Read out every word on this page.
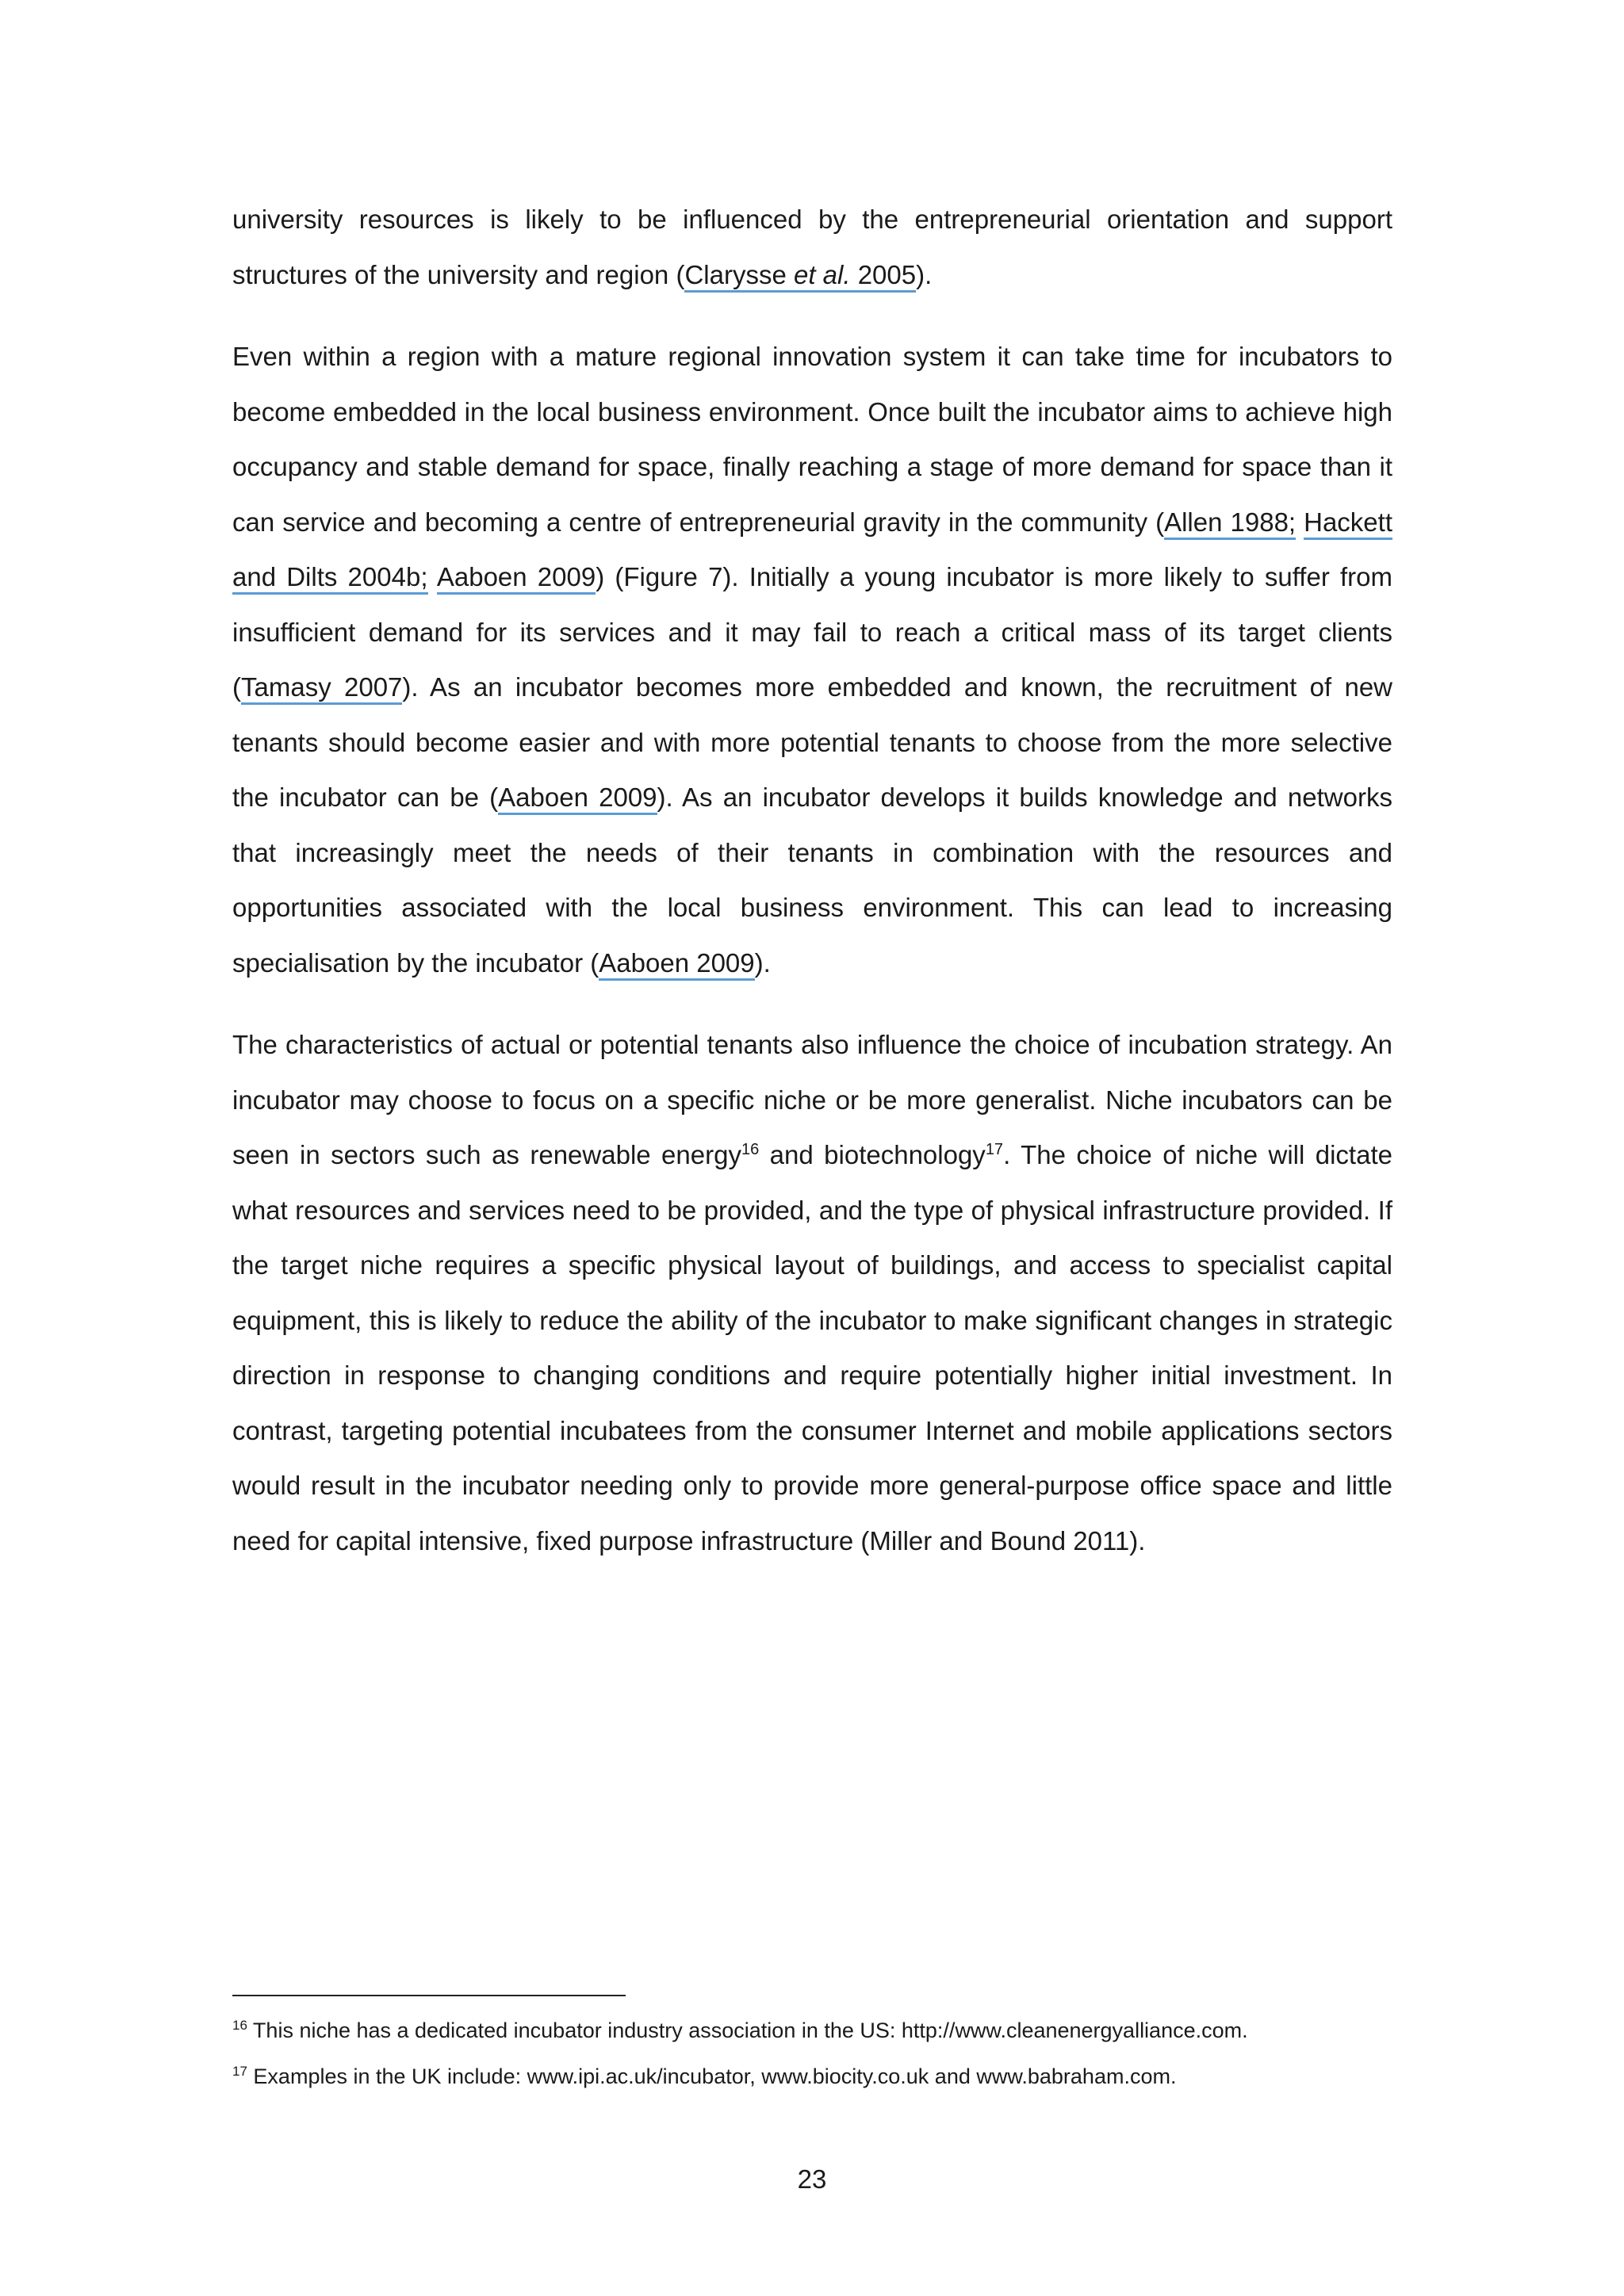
university resources is likely to be influenced by the entrepreneurial orientation and support structures of the university and region (Clarysse et al. 2005).

Even within a region with a mature regional innovation system it can take time for incubators to become embedded in the local business environment. Once built the incubator aims to achieve high occupancy and stable demand for space, finally reaching a stage of more demand for space than it can service and becoming a centre of entrepreneurial gravity in the community (Allen 1988; Hackett and Dilts 2004b; Aaboen 2009) (Figure 7). Initially a young incubator is more likely to suffer from insufficient demand for its services and it may fail to reach a critical mass of its target clients (Tamasy 2007). As an incubator becomes more embedded and known, the recruitment of new tenants should become easier and with more potential tenants to choose from the more selective the incubator can be (Aaboen 2009). As an incubator develops it builds knowledge and networks that increasingly meet the needs of their tenants in combination with the resources and opportunities associated with the local business environment. This can lead to increasing specialisation by the incubator (Aaboen 2009).

The characteristics of actual or potential tenants also influence the choice of incubation strategy. An incubator may choose to focus on a specific niche or be more generalist. Niche incubators can be seen in sectors such as renewable energy$^{16}$ and biotechnology$^{17}$. The choice of niche will dictate what resources and services need to be provided, and the type of physical infrastructure provided. If the target niche requires a specific physical layout of buildings, and access to specialist capital equipment, this is likely to reduce the ability of the incubator to make significant changes in strategic direction in response to changing conditions and require potentially higher initial investment. In contrast, targeting potential incubatees from the consumer Internet and mobile applications sectors would result in the incubator needing only to provide more general-purpose office space and little need for capital intensive, fixed purpose infrastructure (Miller and Bound 2011).

$^{16}$ This niche has a dedicated incubator industry association in the US: http://www.cleanenergyalliance.com.

$^{17}$ Examples in the UK include: www.ipi.ac.uk/incubator, www.biocity.co.uk and www.babraham.com.

23
